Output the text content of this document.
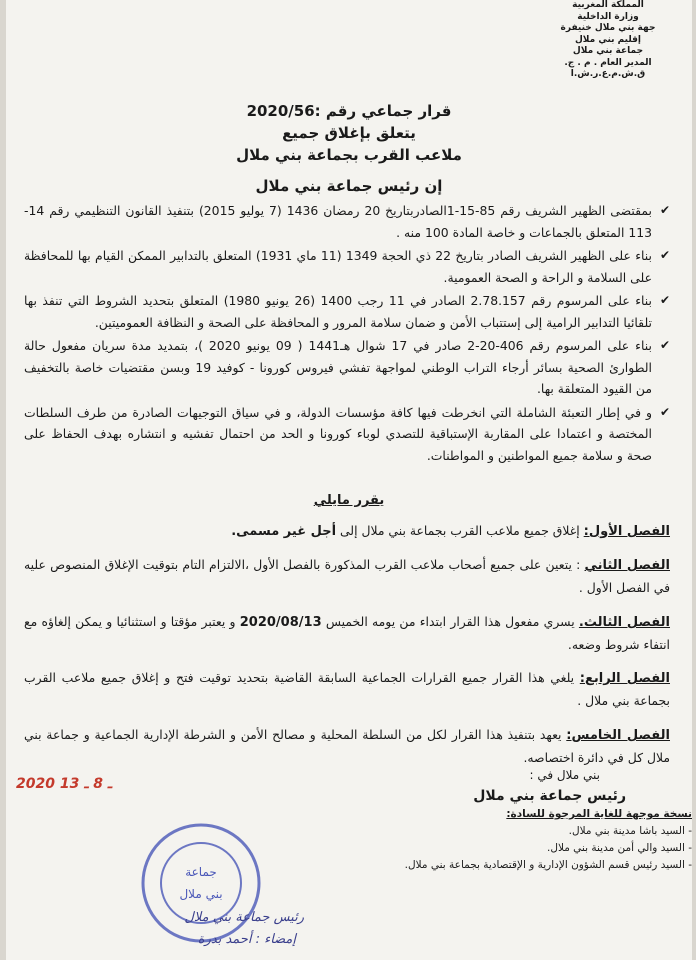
المملكة المغربية
وزارة الداخلية
جهة بني ملال خنيفرة
إقليم بني ملال
جماعة بني ملال
المدير العام . م . ج.
ق.ش.م.ع.ر.ش.ا
قرار جماعي رقم :2020/56
يتعلق بإغلاق جميع
ملاعب القرب بجماعة بني ملال
إن رئيس جماعة بني ملال
✔
بمقتضى الظهير الشريف رقم 85-15-1الصادربتاريخ 20 رمضان 1436 (7 يوليو 2015) بتنفيذ القانون التنظيمي رقم 14-113 المتعلق بالجماعات و خاصة المادة 100 منه .
✔
بناء على الظهير الشريف الصادر بتاريخ 22 ذي الحجة 1349 (11 ماي 1931) المتعلق بالتدابير الممكن القيام بها للمحافظة على السلامة و الراحة و الصحة العمومية.
✔
بناء على المرسوم رقم 2.78.157 الصادر في 11 رجب 1400 (26 يونيو 1980) المتعلق بتحديد الشروط التي تنفذ بها تلقائيا التدابير الرامية إلى إستتباب الأمن و ضمان سلامة المرور و المحافظة على الصحة و النظافة العموميتين.
✔
بناء على المرسوم رقم 406-20-2 صادر في 17 شوال هـ1441 ( 09 يونيو 2020 )، بتمديد مدة سريان مفعول حالة الطوارئ الصحية بسائر أرجاء التراب الوطني لمواجهة تفشي فيروس كورونا - كوفيد 19 وبسن مقتضيات خاصة بالتخفيف من القيود المتعلقة بها.
✔
و في إطار التعبئة الشاملة التي انخرطت فيها كافة مؤسسات الدولة، و في سياق التوجيهات الصادرة من طرف السلطات المختصة و اعتمادا على المقاربة الإستباقية للتصدي لوباء كورونا و الحد من احتمال تفشيه و انتشاره بهدف الحفاظ على صحة و سلامة جميع المواطنين و المواطنات.
يقرر مايلي
الفصل الأول: إغلاق جميع ملاعب القرب بجماعة بني ملال إلى أجل غير مسمى.
الفصل الثاني : يتعين على جميع أصحاب ملاعب القرب المذكورة بالفصل الأول ،الالتزام التام بتوقيت الإغلاق المنصوص عليه في الفصل الأول .
الفصل الثالث. يسري مفعول هذا القرار ابتداء من يومه الخميس 2020/08/13 و يعتبر مؤقتا و استثنائيا و يمكن إلغاؤه مع انتفاء شروط وضعه.
الفصل الرابع: يلغي هذا القرار جميع القرارات الجماعية السابقة القاضية بتحديد توقيت فتح و إغلاق جميع ملاعب القرب بجماعة بني ملال .
الفصل الخامس: يعهد بتنفيذ هذا القرار لكل من السلطة المحلية و مصالح الأمن و الشرطة الإدارية الجماعية و جماعة بني ملال كل في دائرة اختصاصه.
بني ملال في :
2020 ـ 8 ـ 13
رئيس جماعة بني ملال
نسخة موجهة للغاية المرجوة للسادة:
- السيد باشا مدينة بني ملال.
- السيد والي أمن مدينة بني ملال.
- السيد رئيس قسم الشؤون الإدارية و الإقتصادية بجماعة بني ملال.
جماعة
بني ملال
رئيس جماعة بني ملال
إمضاء : أحمد بدرة
